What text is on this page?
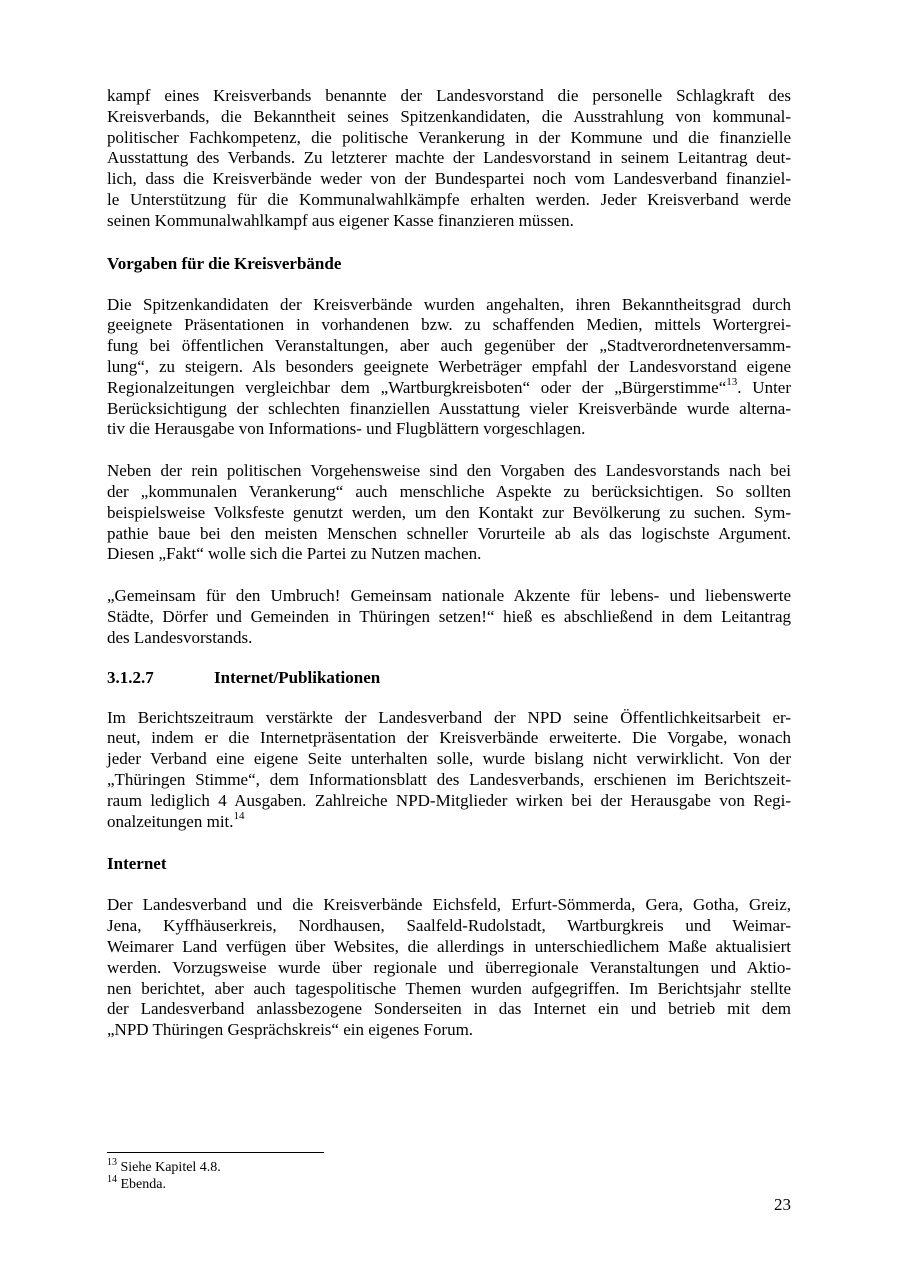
kampf eines Kreisverbands benannte der Landesvorstand die personelle Schlagkraft des
Kreisverbands, die Bekanntheit seines Spitzenkandidaten, die Ausstrahlung von kommunal-
politischer Fachkompetenz, die politische Verankerung in der Kommune und die finanzielle
Ausstattung des Verbands. Zu letzterer machte der Landesvorstand in seinem Leitantrag deut-
lich, dass die Kreisverbände weder von der Bundespartei noch vom Landesverband finanziel-
le Unterstützung für die Kommunalwahlkämpfe erhalten werden. Jeder Kreisverband werde
seinen Kommunalwahlkampf aus eigener Kasse finanzieren müssen.
Vorgaben für die Kreisverbände
Die Spitzenkandidaten der Kreisverbände wurden angehalten, ihren Bekanntheitsgrad durch
geeignete Präsentationen in vorhandenen bzw. zu schaffenden Medien, mittels Wortergrei-
fung bei öffentlichen Veranstaltungen, aber auch gegenüber der „Stadtverordnetenversamm-
lung“, zu steigern. Als besonders geeignete Werbeträger empfahl der Landesvorstand eigene
Regionalzeitungen vergleichbar dem „Wartburgkreisboten“ oder der „Bürgerstimme“$^{13}$. Unter
Berücksichtigung der schlechten finanziellen Ausstattung vieler Kreisverbände wurde alterna-
tiv die Herausgabe von Informations- und Flugblättern vorgeschlagen.
Neben der rein politischen Vorgehensweise sind den Vorgaben des Landesvorstands nach bei
der „kommunalen Verankerung“ auch menschliche Aspekte zu berücksichtigen. So sollten
beispielsweise Volksfeste genutzt werden, um den Kontakt zur Bevölkerung zu suchen. Sym-
pathie baue bei den meisten Menschen schneller Vorurteile ab als das logischste Argument.
Diesen „Fakt“ wolle sich die Partei zu Nutzen machen.
„Gemeinsam für den Umbruch! Gemeinsam nationale Akzente für lebens- und liebenswerte
Städte, Dörfer und Gemeinden in Thüringen setzen!“ hieß es abschließend in dem Leitantrag
des Landesvorstands.
3.1.2.7	Internet/Publikationen
Im Berichtszeitraum verstärkte der Landesverband der NPD seine Öffentlichkeitsarbeit er-
neut, indem er die Internetpräsentation der Kreisverbände erweiterte. Die Vorgabe, wonach
jeder Verband eine eigene Seite unterhalten solle, wurde bislang nicht verwirklicht. Von der
„Thüringen Stimme“, dem Informationsblatt des Landesverbands, erschienen im Berichtszeit-
raum lediglich 4 Ausgaben. Zahlreiche NPD-Mitglieder wirken bei der Herausgabe von Regi-
onalzeitungen mit.$^{14}$
Internet
Der Landesverband und die Kreisverbände Eichsfeld, Erfurt-Sömmerda, Gera, Gotha, Greiz,
Jena, Kyffhäuserkreis, Nordhausen, Saalfeld-Rudolstadt, Wartburgkreis und Weimar-
Weimarer Land verfügen über Websites, die allerdings in unterschiedlichem Maße aktualisiert
werden. Vorzugsweise wurde über regionale und überregionale Veranstaltungen und Aktio-
nen berichtet, aber auch tagespolitische Themen wurden aufgegriffen. Im Berichtsjahr stellte
der Landesverband anlassbezogene Sonderseiten in das Internet ein und betrieb mit dem
„NPD Thüringen Gesprächskreis“ ein eigenes Forum.
$^{13}$ Siehe Kapitel 4.8.
$^{14}$ Ebenda.
23
